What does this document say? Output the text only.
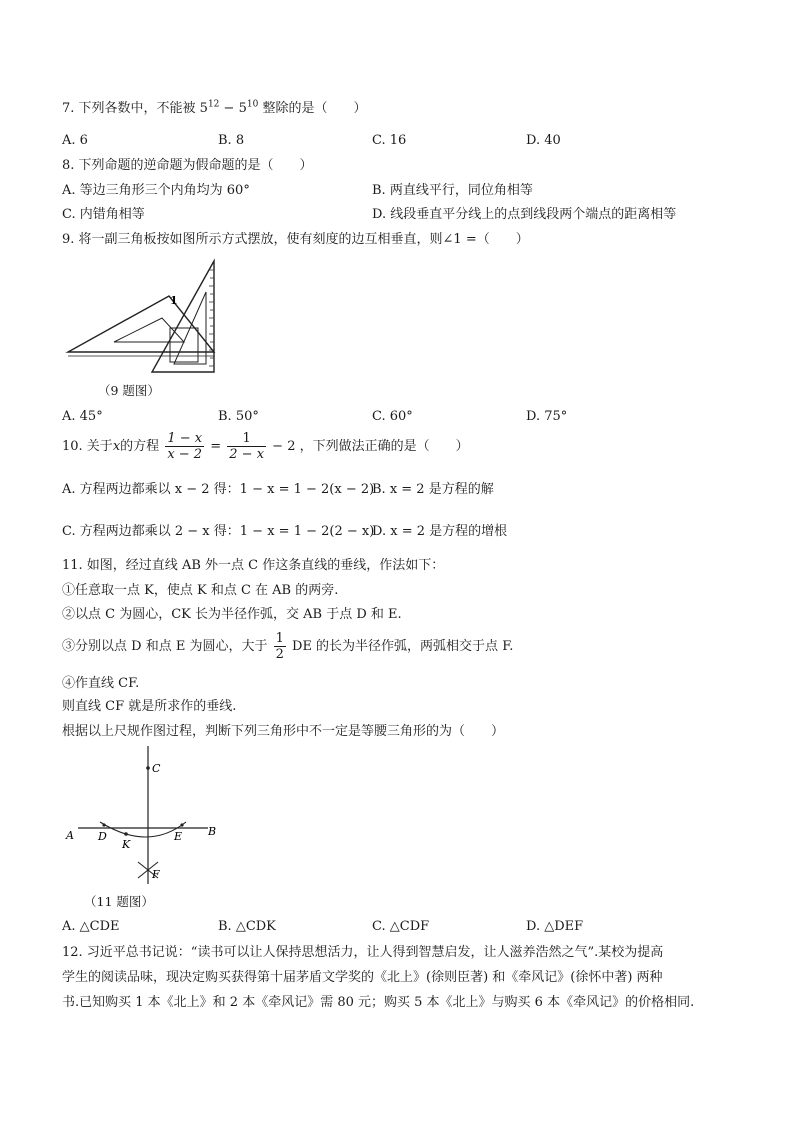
7. 下列各数中，不能被 $5^{12} - 5^{10}$ 整除的是（　　）
A. 6	B. 8	C. 16	D. 40
8. 下列命题的逆命题为假命题的是（　　）
A. 等边三角形三个内角均为 60°	B. 两直线平行，同位角相等
C. 内错角相等	D. 线段垂直平分线上的点到线段两个端点的距离相等
9. 将一副三角板按如图所示方式摆放，使有刻度的边互相垂直，则∠1 =（　　）
1
（9 题图）
A. 45°	B. 50°	C. 60°	D. 75°
10. 关于x的方程 $\frac{1 - x}{x - 2} = \frac{1}{2 - x} - 2$ ，下列做法正确的是（　　）
A. 方程两边都乘以 x − 2 得：1 − x = 1 − 2(x − 2)
B. x = 2 是方程的解
C. 方程两边都乘以 2 − x 得：1 − x = 1 − 2(2 − x)
D. x = 2 是方程的增根
11. 如图，经过直线 AB 外一点 C 作这条直线的垂线，作法如下：
①任意取一点 K，使点 K 和点 C 在 AB 的两旁.
②以点 C 为圆心，CK 长为半径作弧，交 AB 于点 D 和 E.
③分别以点 D 和点 E 为圆心，大于 $\frac{1}{2}$ DE 的长为半径作弧，两弧相交于点 F.
④作直线 CF.
则直线 CF 就是所求作的垂线.
根据以上尺规作图过程，判断下列三角形中不一定是等腰三角形的为（　　）
C
A	B
D	E
K
F
（11 题图）
A. △CDE	B. △CDK	C. △CDF	D. △DEF
12. 习近平总书记说：“读书可以让人保持思想活力，让人得到智慧启发，让人滋养浩然之气”.某校为提高
学生的阅读品味，现决定购买获得第十届茅盾文学奖的《北上》(徐则臣著) 和《牵风记》(徐怀中著) 两种
书.已知购买 1 本《北上》和 2 本《牵风记》需 80 元；购买 5 本《北上》与购买 6 本《牵风记》的价格相同.
